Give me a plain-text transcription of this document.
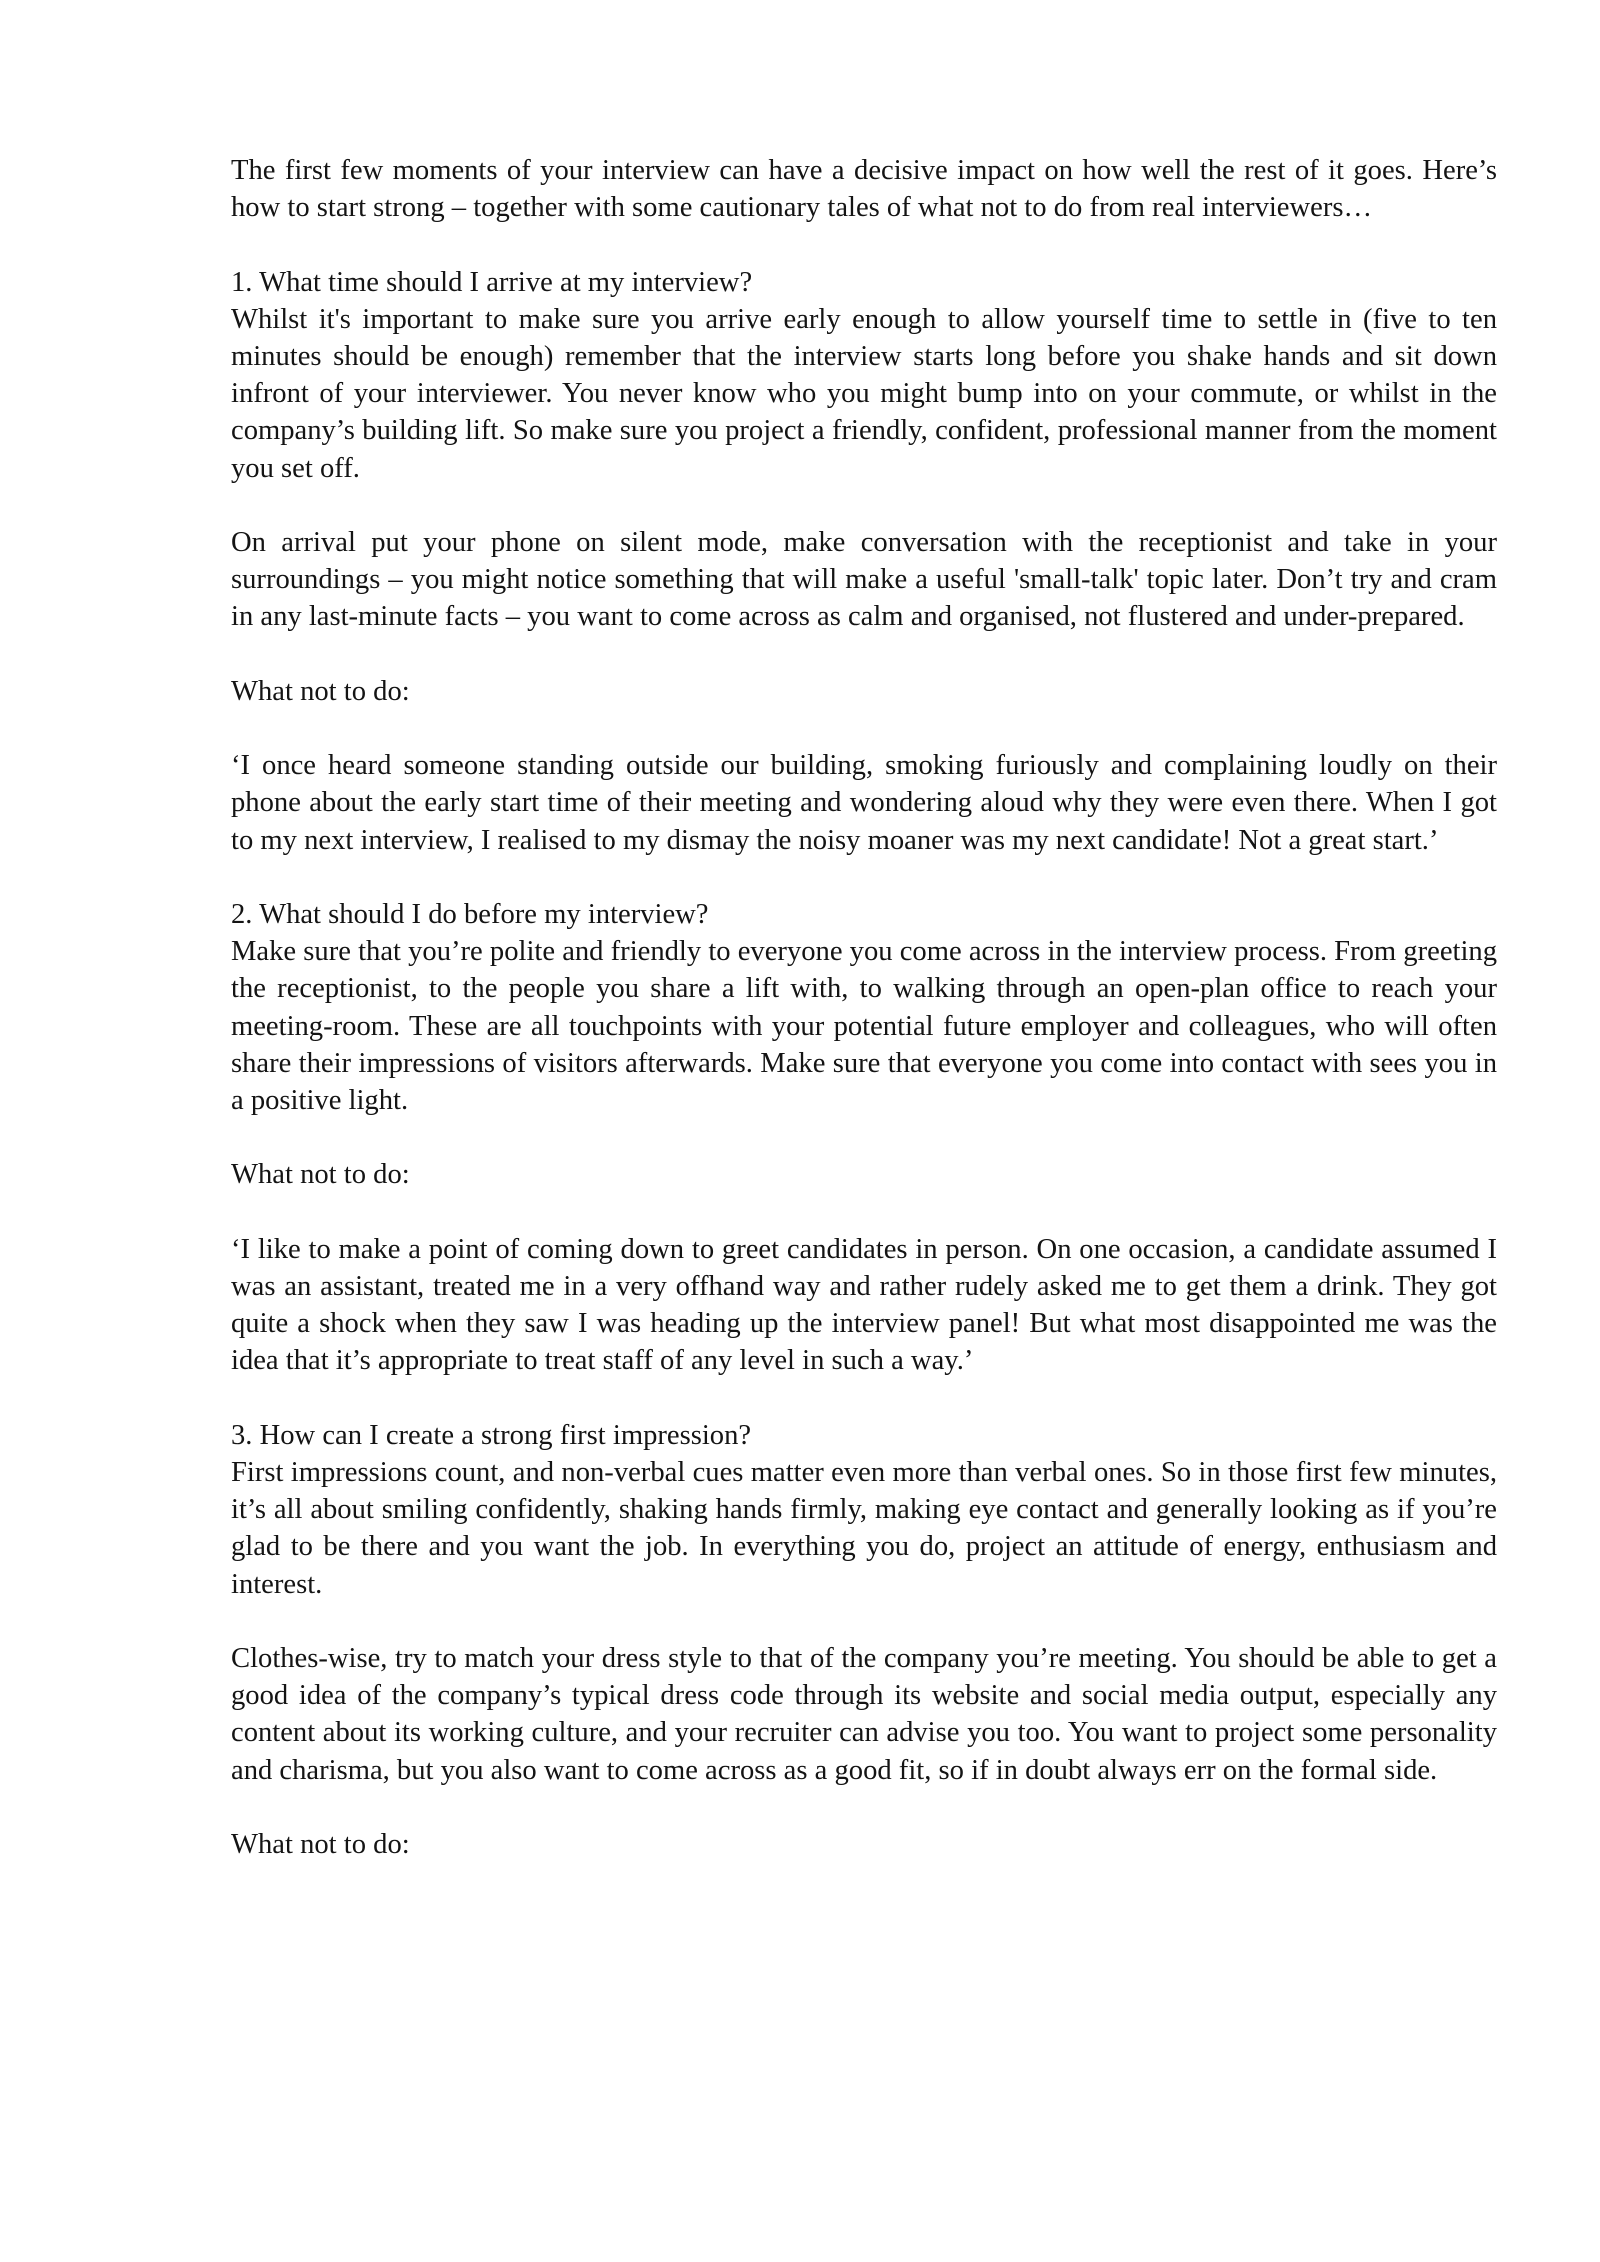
The first few moments of your interview can have a decisive impact on how well the rest of it goes. Here’s how to start strong – together with some cautionary tales of what not to do from real interviewers…

1. What time should I arrive at my interview?

Whilst it's important to make sure you arrive early enough to allow yourself time to settle in (five to ten minutes should be enough) remember that the interview starts long before you shake hands and sit down infront of your interviewer. You never know who you might bump into on your commute, or whilst in the company’s building lift. So make sure you project a friendly, confident, professional manner from the moment you set off.

On arrival put your phone on silent mode, make conversation with the receptionist and take in your surroundings – you might notice something that will make a useful 'small-talk' topic later. Don’t try and cram in any last-minute facts – you want to come across as calm and organised, not flustered and under-prepared.

What not to do:

‘I once heard someone standing outside our building, smoking furiously and complaining loudly on their phone about the early start time of their meeting and wondering aloud why they were even there. When I got to my next interview, I realised to my dismay the noisy moaner was my next candidate! Not a great start.’

2. What should I do before my interview?

Make sure that you’re polite and friendly to everyone you come across in the interview process. From greeting the receptionist, to the people you share a lift with, to walking through an open-plan office to reach your meeting-room. These are all touchpoints with your potential future employer and colleagues, who will often share their impressions of visitors afterwards. Make sure that everyone you come into contact with sees you in a positive light.

What not to do:

‘I like to make a point of coming down to greet candidates in person. On one occasion, a candidate assumed I was an assistant, treated me in a very offhand way and rather rudely asked me to get them a drink. They got quite a shock when they saw I was heading up the interview panel! But what most disappointed me was the idea that it’s appropriate to treat staff of any level in such a way.’

3. How can I create a strong first impression?

First impressions count, and non-verbal cues matter even more than verbal ones. So in those first few minutes, it’s all about smiling confidently, shaking hands firmly, making eye contact and generally looking as if you’re glad to be there and you want the job. In everything you do, project an attitude of energy, enthusiasm and interest.

Clothes-wise, try to match your dress style to that of the company you’re meeting. You should be able to get a good idea of the company’s typical dress code through its website and social media output, especially any content about its working culture, and your recruiter can advise you too. You want to project some personality and charisma, but you also want to come across as a good fit, so if in doubt always err on the formal side.

What not to do:
